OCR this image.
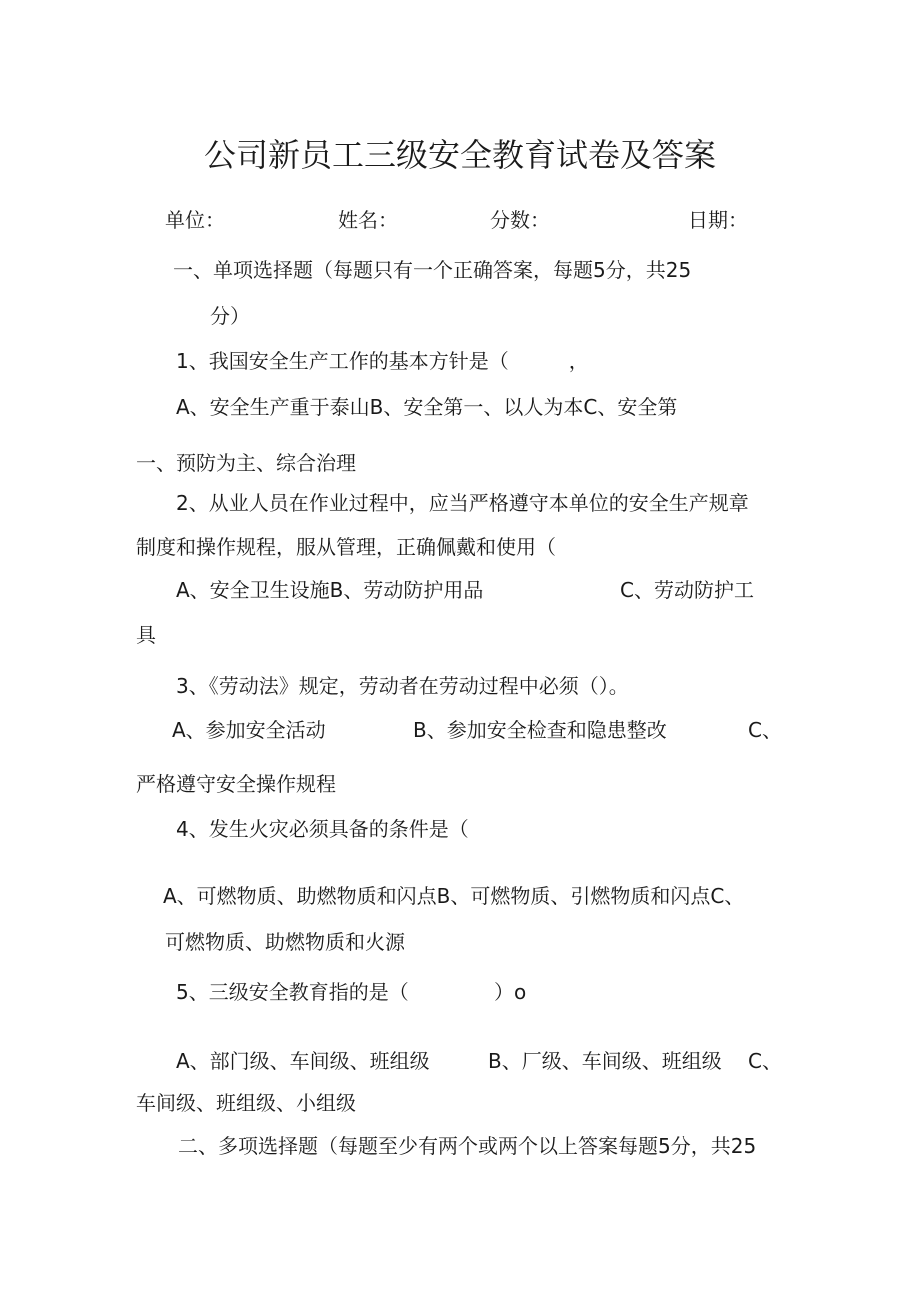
公司新员工三级安全教育试卷及答案
单位：	姓名：	分数：	日期：
一、单项选择题（每题只有一个正确答案，每题5分，共25
分）
1、我国安全生产工作的基本方针是（　　　，
A、安全生产重于泰山B、安全第一、以人为本C、安全第
一、预防为主、综合治理
2、从业人员在作业过程中，应当严格遵守本单位的安全生产规章
制度和操作规程，服从管理，正确佩戴和使用（
A、安全卫生设施B、劳动防护用品	C、劳动防护工
具
3、《劳动法》规定，劳动者在劳动过程中必须（）。
A、参加安全活动	B、参加安全检查和隐患整改	C、
严格遵守安全操作规程
4、发生火灾必须具备的条件是（
A、可燃物质、助燃物质和闪点B、可燃物质、引燃物质和闪点C、
可燃物质、助燃物质和火源
5、三级安全教育指的是（	）o
A、部门级、车间级、班组级	B、厂级、车间级、班组级 C、
车间级、班组级、小组级
二、多项选择题（每题至少有两个或两个以上答案每题5分，共25
